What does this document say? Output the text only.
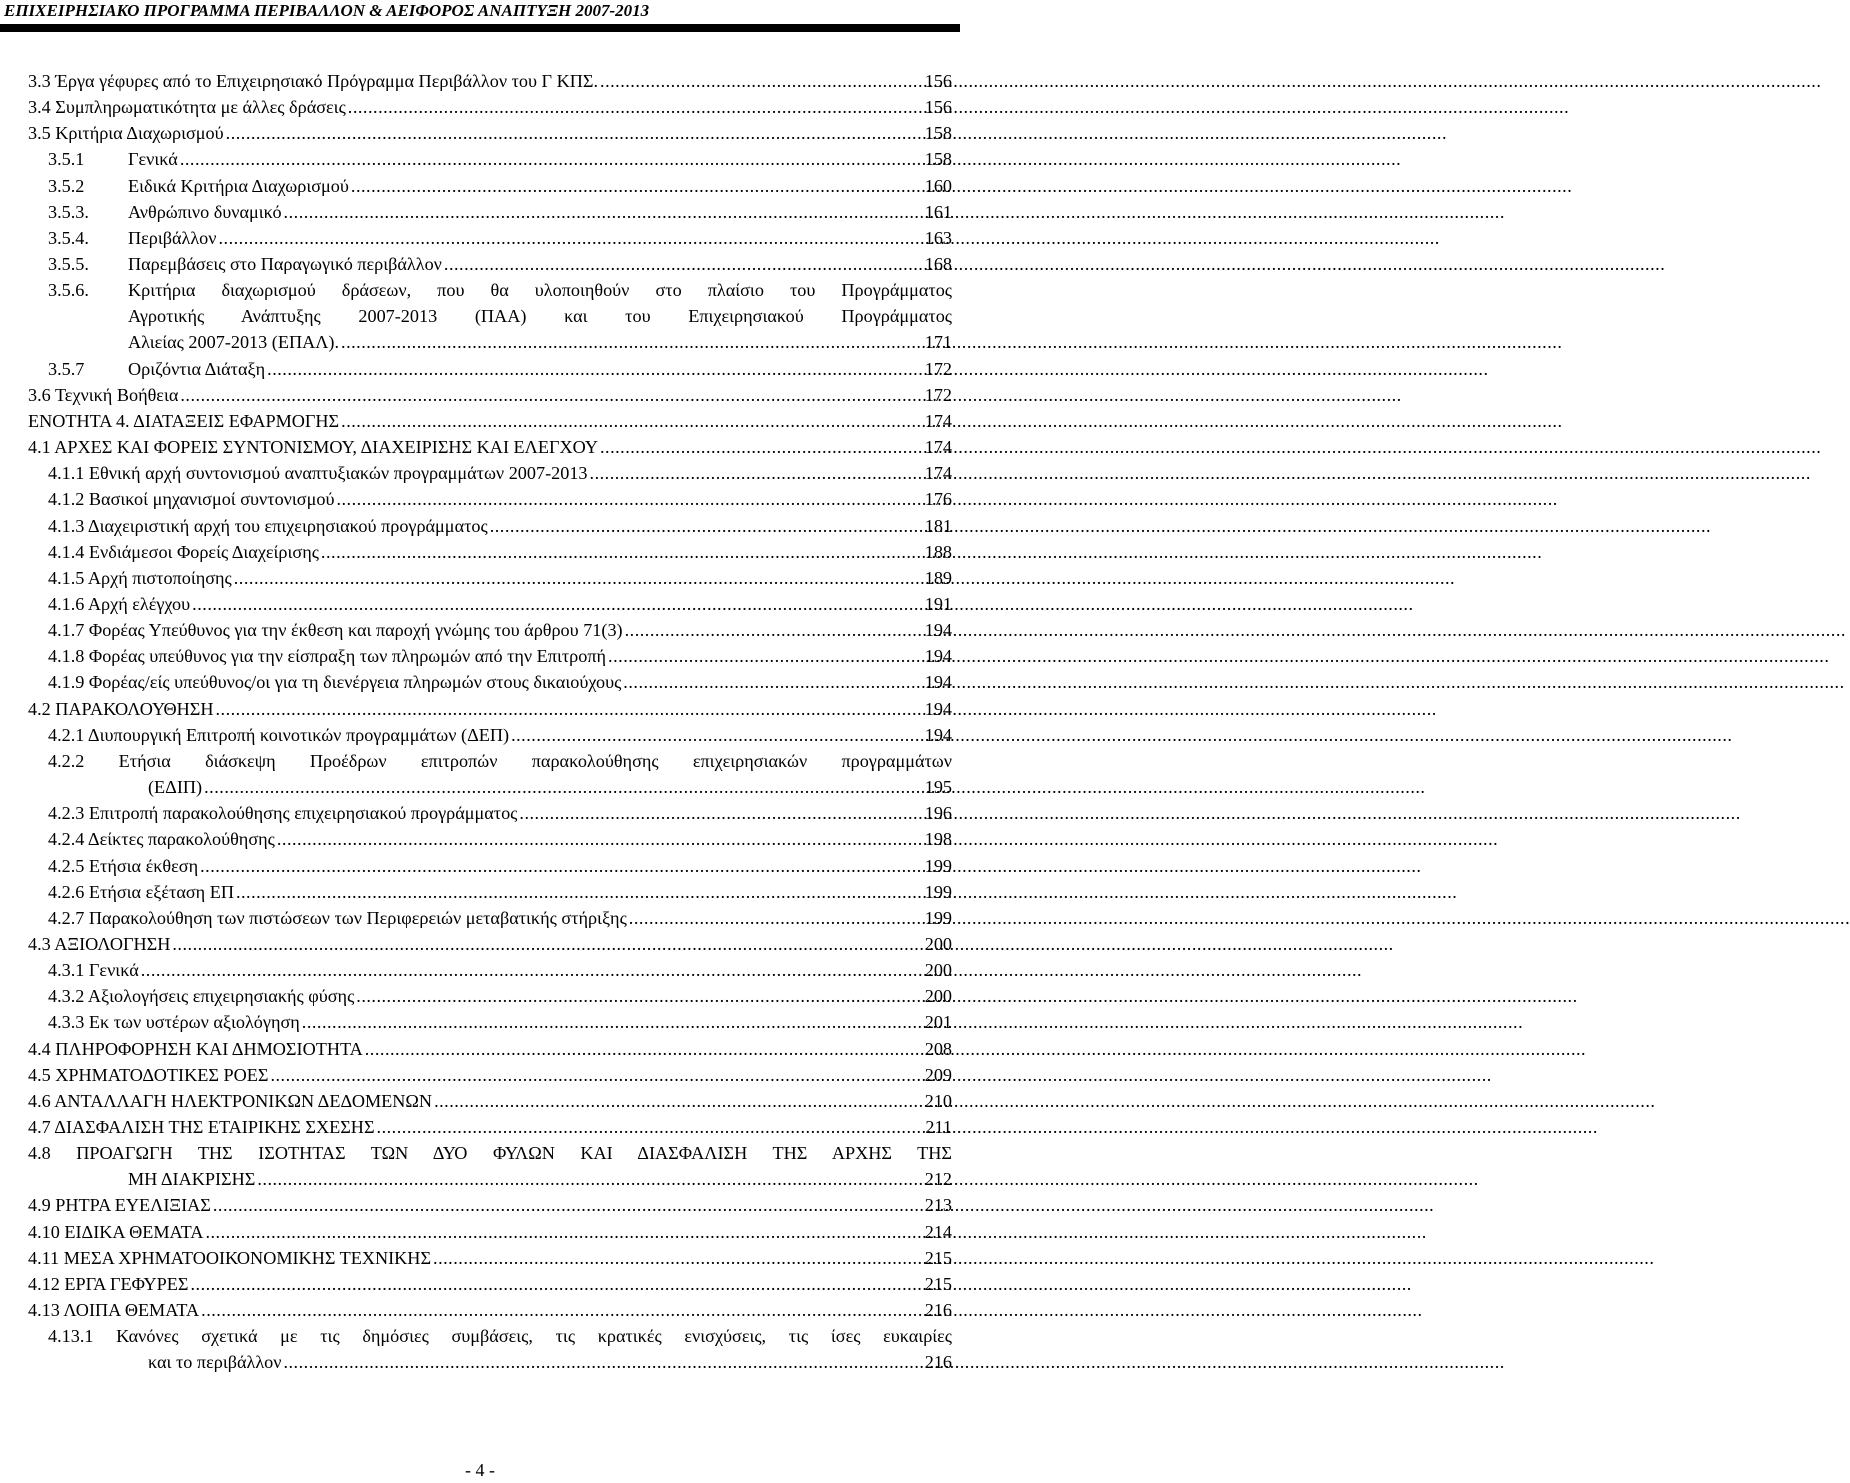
ΕΠΙΧΕΙΡΗΣΙΑΚΟ ΠΡΟΓΡΑΜΜΑ ΠΕΡΙΒΑΛΛΟΝ & ΑΕΙΦΟΡΟΣ ΑΝΑΠΤΥΞΗ 2007-2013
3.3 Έργα γέφυρες από το Επιχειρησιακό Πρόγραμμα Περιβάλλον του Γ ΚΠΣ. .....	156
3.4 Συμπληρωματικότητα με άλλες δράσεις .....	156
3.5 Κριτήρια Διαχωρισμού .....	158
3.5.1 Γενικά .....	158
3.5.2 Ειδικά Κριτήρια Διαχωρισμού .....	160
3.5.3. Ανθρώπινο δυναμικό .....	161
3.5.4. Περιβάλλον .....	163
3.5.5. Παρεμβάσεις στο Παραγωγικό περιβάλλον .....	168
3.5.6. Κριτήρια διαχωρισμού δράσεων, που θα υλοποιηθούν στο πλαίσιο του Προγράμματος
Αγροτικής Ανάπτυξης 2007-2013 (ΠΑΑ) και του Επιχειρησιακού Προγράμματος
Αλιείας 2007-2013 (ΕΠΑΛ). .....	171
3.5.7 Οριζόντια Διάταξη .....	172
3.6 Τεχνική Βοήθεια .....	172
ΕΝΟΤΗΤΑ 4. ΔΙΑΤΑΞΕΙΣ ΕΦΑΡΜΟΓΗΣ .....	174
4.1 ΑΡΧΕΣ ΚΑΙ ΦΟΡΕΙΣ ΣΥΝΤΟΝΙΣΜΟΥ, ΔΙΑΧΕΙΡΙΣΗΣ ΚΑΙ ΕΛΕΓΧΟΥ .....	174
4.1.1 Εθνική αρχή συντονισμού αναπτυξιακών προγραμμάτων 2007-2013 .....	174
4.1.2 Βασικοί μηχανισμοί συντονισμού .....	176
4.1.3 Διαχειριστική αρχή του επιχειρησιακού προγράμματος .....	181
4.1.4 Ενδιάμεσοι Φορείς Διαχείρισης .....	188
4.1.5 Αρχή πιστοποίησης .....	189
4.1.6 Αρχή ελέγχου .....	191
4.1.7 Φορέας Υπεύθυνος για την έκθεση και παροχή γνώμης του άρθρου 71(3) .....	194
4.1.8 Φορέας υπεύθυνος για την είσπραξη των πληρωμών από την Επιτροπή .....	194
4.1.9 Φορέας/είς υπεύθυνος/οι για τη διενέργεια πληρωμών στους δικαιούχους .....	194
4.2 ΠΑΡΑΚΟΛΟΥΘΗΣΗ .....	194
4.2.1 Διυπουργική Επιτροπή κοινοτικών προγραμμάτων (ΔΕΠ) .....	194
4.2.2 Ετήσια διάσκεψη Προέδρων επιτροπών παρακολούθησης επιχειρησιακών προγραμμάτων
(ΕΔΙΠ) .....	195
4.2.3 Επιτροπή παρακολούθησης επιχειρησιακού προγράμματος .....	196
4.2.4 Δείκτες παρακολούθησης .....	198
4.2.5 Ετήσια έκθεση .....	199
4.2.6 Ετήσια εξέταση ΕΠ .....	199
4.2.7 Παρακολούθηση των πιστώσεων των Περιφερειών μεταβατικής στήριξης .....	199
4.3 ΑΞΙΟΛΟΓΗΣΗ .....	200
4.3.1 Γενικά .....	200
4.3.2 Αξιολογήσεις επιχειρησιακής φύσης .....	200
4.3.3 Εκ των υστέρων αξιολόγηση .....	201
4.4 ΠΛΗΡΟΦΟΡΗΣΗ ΚΑΙ ΔΗΜΟΣΙΟΤΗΤΑ .....	208
4.5 ΧΡΗΜΑΤΟΔΟΤΙΚΕΣ ΡΟΕΣ .....	209
4.6 ΑΝΤΑΛΛΑΓΗ ΗΛΕΚΤΡΟΝΙΚΩΝ ΔΕΔΟΜΕΝΩΝ .....	210
4.7 ΔΙΑΣΦΑΛΙΣΗ ΤΗΣ ΕΤΑΙΡΙΚΗΣ ΣΧΕΣΗΣ .....	211
4.8 ΠΡΟΑΓΩΓΗ ΤΗΣ ΙΣΟΤΗΤΑΣ ΤΩΝ ΔΥΟ ΦΥΛΩΝ ΚΑΙ ΔΙΑΣΦΑΛΙΣΗ ΤΗΣ ΑΡΧΗΣ ΤΗΣ
ΜΗ ΔΙΑΚΡΙΣΗΣ .....	212
4.9 ΡΗΤΡΑ ΕΥΕΛΙΞΙΑΣ .....	213
4.10 ΕΙΔΙΚΑ ΘΕΜΑΤΑ .....	214
4.11 ΜΕΣΑ ΧΡΗΜΑΤΟΟΙΚΟΝΟΜΙΚΗΣ ΤΕΧΝΙΚΗΣ .....	215
4.12 ΕΡΓΑ ΓΕΦΥΡΕΣ .....	215
4.13 ΛΟΙΠΑ ΘΕΜΑΤΑ .....	216
4.13.1 Κανόνες σχετικά με τις δημόσιες συμβάσεις, τις κρατικές ενισχύσεις, τις ίσες ευκαιρίες
και το περιβάλλον .....	216
- 4 -
